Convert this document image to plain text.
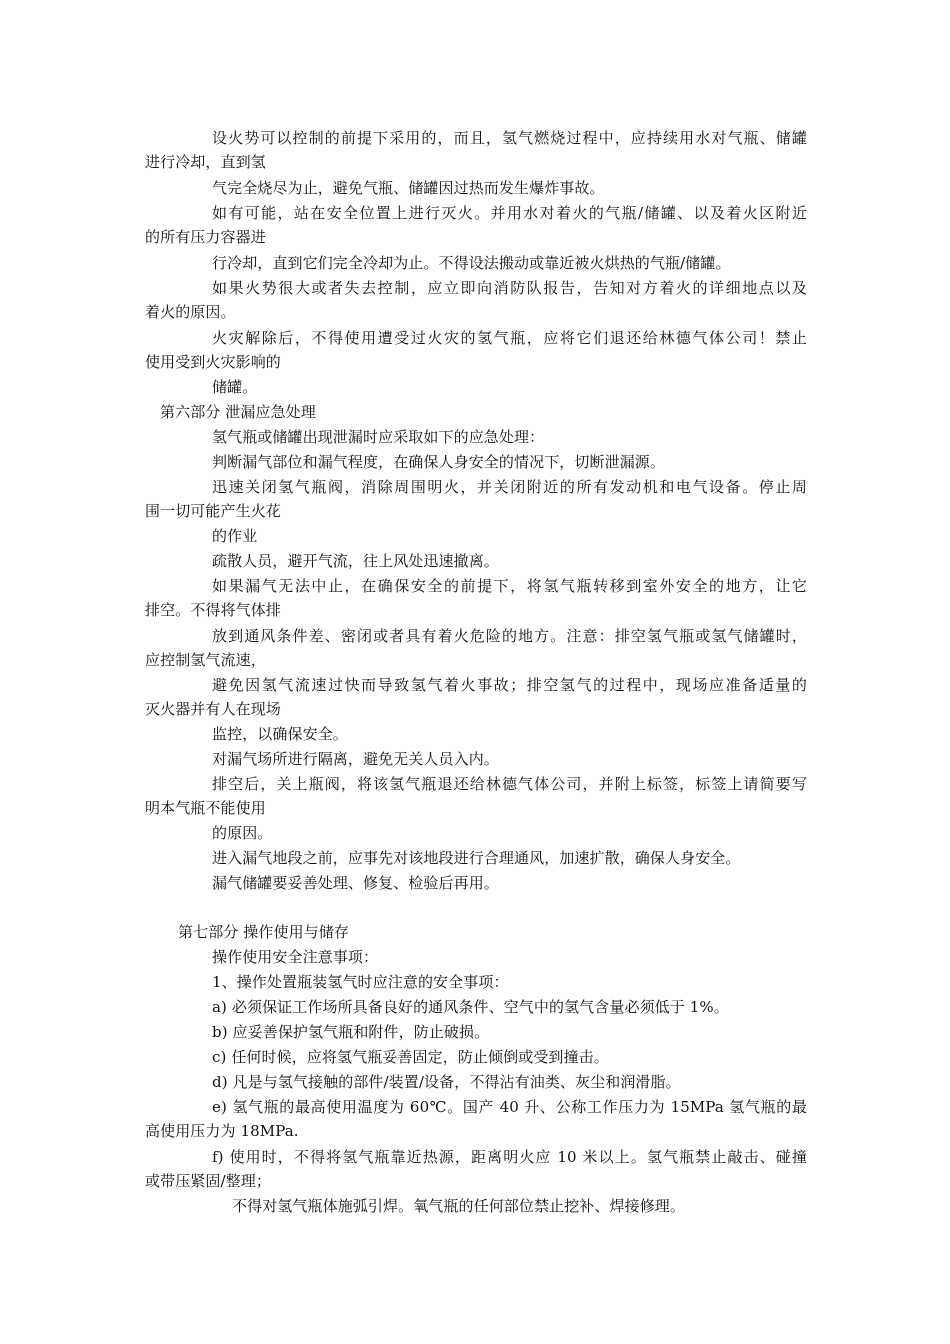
设火势可以控制的前提下采用的，而且，氢气燃烧过程中，应持续用水对气瓶、储罐
进行冷却，直到氢
气完全烧尽为止，避免气瓶、储罐因过热而发生爆炸事故。
如有可能，站在安全位置上进行灭火。并用水对着火的气瓶/储罐、以及着火区附近
的所有压力容器进
行冷却，直到它们完全冷却为止。不得设法搬动或靠近被火烘热的气瓶/储罐。
如果火势很大或者失去控制，应立即向消防队报告，告知对方着火的详细地点以及
着火的原因。
火灾解除后，不得使用遭受过火灾的氢气瓶，应将它们退还给林德气体公司！禁止
使用受到火灾影响的
储罐。
第六部分 泄漏应急处理
氢气瓶或储罐出现泄漏时应采取如下的应急处理：
判断漏气部位和漏气程度，在确保人身安全的情况下，切断泄漏源。
迅速关闭氢气瓶阀，消除周围明火，并关闭附近的所有发动机和电气设备。停止周
围一切可能产生火花
的作业
疏散人员，避开气流，往上风处迅速撤离。
如果漏气无法中止，在确保安全的前提下，将氢气瓶转移到室外安全的地方，让它
排空。不得将气体排
放到通风条件差、密闭或者具有着火危险的地方。注意：排空氢气瓶或氢气储罐时，
应控制氢气流速，
避免因氢气流速过快而导致氢气着火事故；排空氢气的过程中，现场应准备适量的
灭火器并有人在现场
监控，以确保安全。
对漏气场所进行隔离，避免无关人员入内。
排空后，关上瓶阀，将该氢气瓶退还给林德气体公司，并附上标签，标签上请简要写
明本气瓶不能使用
的原因。
进入漏气地段之前，应事先对该地段进行合理通风，加速扩散，确保人身安全。
漏气储罐要妥善处理、修复、检验后再用。
第七部分 操作使用与储存
操作使用安全注意事项：
1、操作处置瓶装氢气时应注意的安全事项：
a) 必须保证工作场所具备良好的通风条件、空气中的氢气含量必须低于 1%。
b) 应妥善保护氢气瓶和附件，防止破损。
c) 任何时候，应将氢气瓶妥善固定，防止倾倒或受到撞击。
d) 凡是与氢气接触的部件/装置/设备，不得沾有油类、灰尘和润滑脂。
e) 氢气瓶的最高使用温度为 60℃。国产 40 升、公称工作压力为 15MPa 氢气瓶的最
高使用压力为 18MPa.
f) 使用时，不得将氢气瓶靠近热源，距离明火应 10 米以上。氢气瓶禁止敲击、碰撞
或带压紧固/整理；
不得对氢气瓶体施弧引焊。氧气瓶的任何部位禁止挖补、焊接修理。
